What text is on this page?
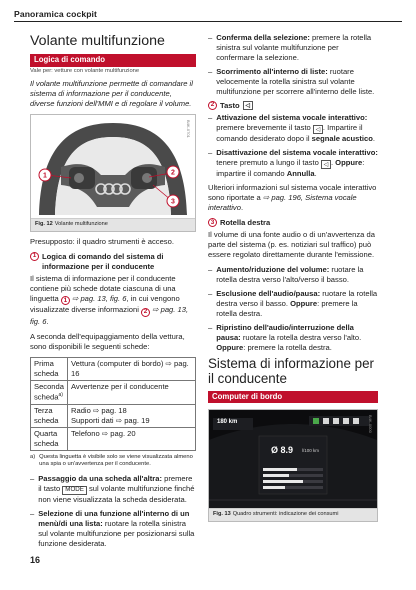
Panoramica cockpit
Volante multifunzione
Logica di comando
Vale per: vetture con volante multifunzione

Il volante multifunzione permette di comandare il sistema di informazione per il conducente, diverse funzioni dell'MMI e di regolare il volume.

1	2
3
B4K-0701
Fig. 12 Volante multifunzione

Presupposto: il quadro strumenti è acceso.

1 Logica di comando del sistema di informazione per il conducente

Il sistema di informazione per il conducente contiene più schede dotate ciascuna di una linguetta 1 ⇨ pag. 13, fig. 6, in cui vengono visualizzate diverse informazioni 2 ⇨ pag. 13, fig. 6.

A seconda dell'equipaggiamento della vettura, sono disponibili le seguenti schede:

Prima scheda	Vettura (computer di bordo) ⇨ pag. 16
Seconda scheda$^{a)}$	Avvertenze per il conducente
Terza scheda	Radio ⇨ pag. 18
Supporti dati ⇨ pag. 19
Quarta scheda	Telefono ⇨ pag. 20
a) Questa linguetta è visibile solo se viene visualizzata almeno una spia o un'avvertenza per il conducente.
– Passaggio da una scheda all'altra: premere il tasto MODE sul volante multifunzione finché non viene visualizzata la scheda desiderata.
– Selezione di una funzione all'interno di un menù/di una lista: ruotare la rotella sinistra sul volante multifunzione per posizionarsi sulla funzione desiderata.
– Conferma della selezione: premere la rotella sinistra sul volante multifunzione per confermare la selezione.
– Scorrimento all'interno di liste: ruotare velocemente la rotella sinistra sul volante multifunzione per scorrere all'interno delle liste.
2 Tasto ◁
– Attivazione del sistema vocale interattivo: premere brevemente il tasto ◁ . Impartire il comando desiderato dopo il segnale acustico.
– Disattivazione del sistema vocale interattivo: tenere premuto a lungo il tasto ◁ . Oppure: impartire il comando Annulla.

Ulteriori informazioni sul sistema vocale interattivo sono riportate a ⇨ pag. 196, Sistema vocale interattivo.

3 Rotella destra

Il volume di una fonte audio o di un'avvertenza da parte del sistema (p. es. notiziari sul traffico) può essere regolato direttamente durante l'emissione.

– Aumento/riduzione del volume: ruotare la rotella destra verso l'alto/verso il basso.
– Esclusione dell'audio/pausa: ruotare la rotella destra verso il basso. Oppure: premere la rotella destra.
– Ripristino dell'audio/interruzione della pausa: ruotare la rotella destra verso l'alto. Oppure: premere la rotella destra.
Sistema di informazione per il conducente
Computer di bordo
180 km
Ø 8.9 l/100 km
B4K-0000
Fig. 13 Quadro strumenti: indicazione dei consumi
16
